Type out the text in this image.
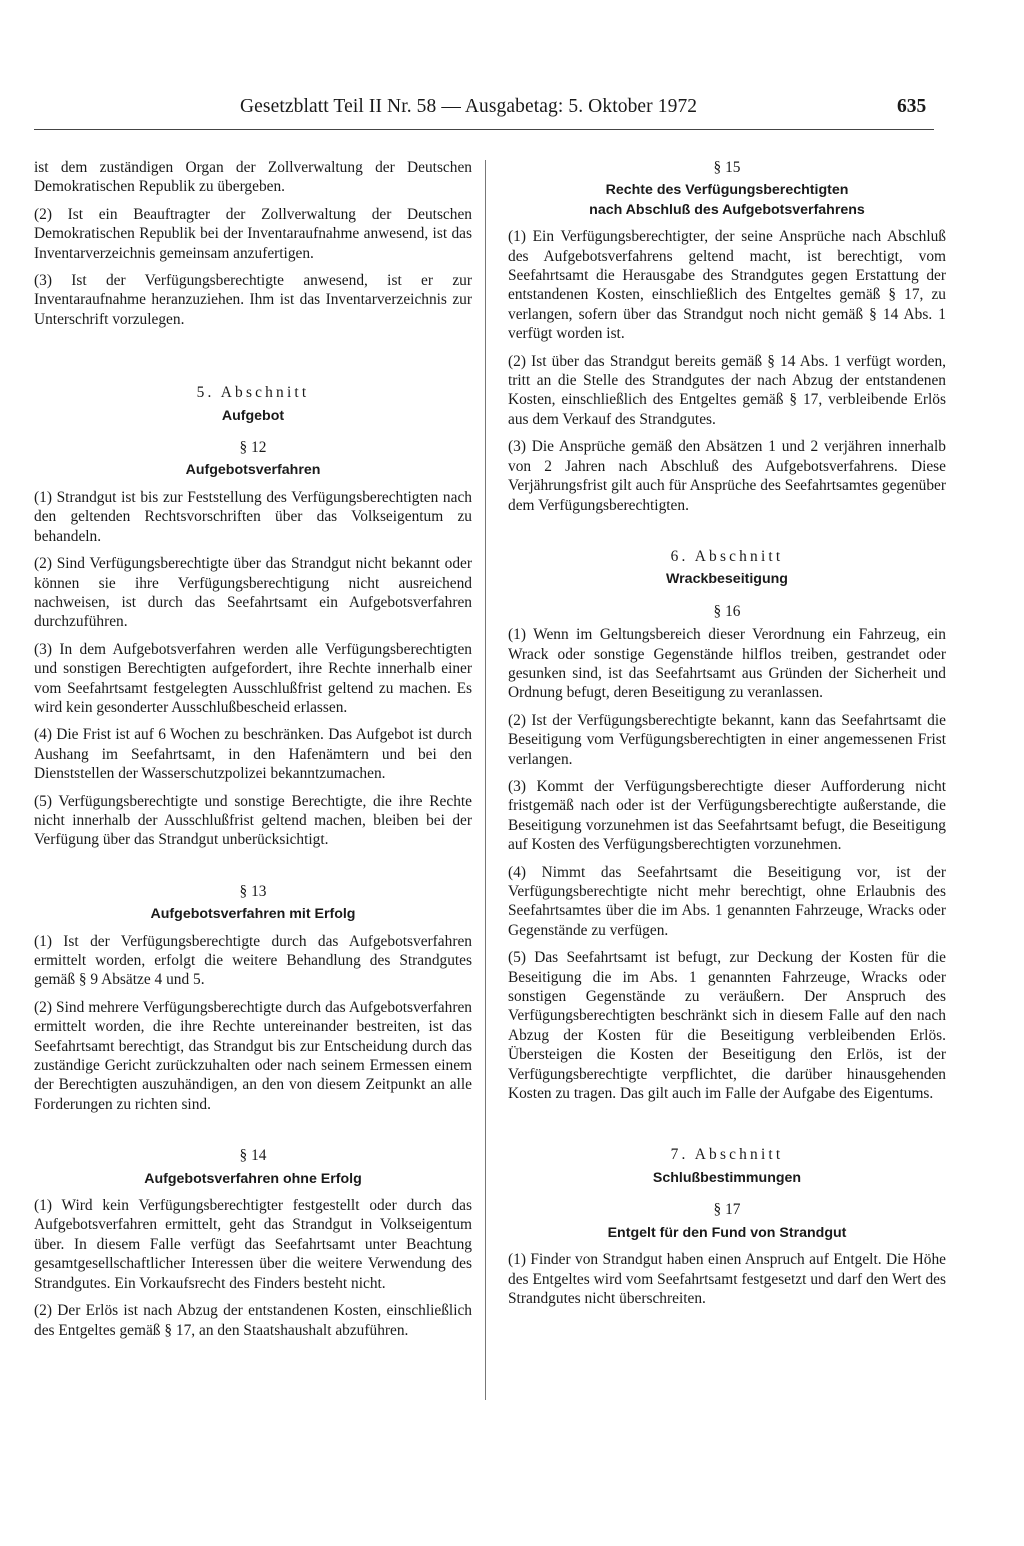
Gesetzblatt Teil II Nr. 58 — Ausgabetag: 5. Oktober 1972	635

ist dem zuständigen Organ der Zollverwaltung der Deutschen Demokratischen Republik zu übergeben.

(2) Ist ein Beauftragter der Zollverwaltung der Deutschen Demokratischen Republik bei der Inventaraufnahme anwesend, ist das Inventarverzeichnis gemeinsam anzufertigen.

(3) Ist der Verfügungsberechtigte anwesend, ist er zur Inventaraufnahme heranzuziehen. Ihm ist das Inventarverzeichnis zur Unterschrift vorzulegen.

5. Abschnitt
Aufgebot
§ 12
Aufgebotsverfahren

(1) Strandgut ist bis zur Feststellung des Verfügungsberechtigten nach den geltenden Rechtsvorschriften über das Volkseigentum zu behandeln.

(2) Sind Verfügungsberechtigte über das Strandgut nicht bekannt oder können sie ihre Verfügungsberechtigung nicht ausreichend nachweisen, ist durch das Seefahrtsamt ein Aufgebotsverfahren durchzuführen.

(3) In dem Aufgebotsverfahren werden alle Verfügungsberechtigten und sonstigen Berechtigten aufgefordert, ihre Rechte innerhalb einer vom Seefahrtsamt festgelegten Ausschlußfrist geltend zu machen. Es wird kein gesonderter Ausschlußbescheid erlassen.

(4) Die Frist ist auf 6 Wochen zu beschränken. Das Aufgebot ist durch Aushang im Seefahrtsamt, in den Hafenämtern und bei den Dienststellen der Wasserschutzpolizei bekanntzumachen.

(5) Verfügungsberechtigte und sonstige Berechtigte, die ihre Rechte nicht innerhalb der Ausschlußfrist geltend machen, bleiben bei der Verfügung über das Strandgut unberücksichtigt.

§ 13
Aufgebotsverfahren mit Erfolg

(1) Ist der Verfügungsberechtigte durch das Aufgebotsverfahren ermittelt worden, erfolgt die weitere Behandlung des Strandgutes gemäß § 9 Absätze 4 und 5.

(2) Sind mehrere Verfügungsberechtigte durch das Aufgebotsverfahren ermittelt worden, die ihre Rechte untereinander bestreiten, ist das Seefahrtsamt berechtigt, das Strandgut bis zur Entscheidung durch das zuständige Gericht zurückzuhalten oder nach seinem Ermessen einem der Berechtigten auszuhändigen, an den von diesem Zeitpunkt an alle Forderungen zu richten sind.

§ 14
Aufgebotsverfahren ohne Erfolg

(1) Wird kein Verfügungsberechtigter festgestellt oder durch das Aufgebotsverfahren ermittelt, geht das Strandgut in Volkseigentum über. In diesem Falle verfügt das Seefahrtsamt unter Beachtung gesamtgesellschaftlicher Interessen über die weitere Verwendung des Strandgutes. Ein Vorkaufsrecht des Finders besteht nicht.

(2) Der Erlös ist nach Abzug der entstandenen Kosten, einschließlich des Entgeltes gemäß § 17, an den Staatshaushalt abzuführen.

§ 15
Rechte des Verfügungsberechtigten
nach Abschluß des Aufgebotsverfahrens

(1) Ein Verfügungsberechtigter, der seine Ansprüche nach Abschluß des Aufgebotsverfahrens geltend macht, ist berechtigt, vom Seefahrtsamt die Herausgabe des Strandgutes gegen Erstattung der entstandenen Kosten, einschließlich des Entgeltes gemäß § 17, zu verlangen, sofern über das Strandgut noch nicht gemäß § 14 Abs. 1 verfügt worden ist.

(2) Ist über das Strandgut bereits gemäß § 14 Abs. 1 verfügt worden, tritt an die Stelle des Strandgutes der nach Abzug der entstandenen Kosten, einschließlich des Entgeltes gemäß § 17, verbleibende Erlös aus dem Verkauf des Strandgutes.

(3) Die Ansprüche gemäß den Absätzen 1 und 2 verjähren innerhalb von 2 Jahren nach Abschluß des Aufgebotsverfahrens. Diese Verjährungsfrist gilt auch für Ansprüche des Seefahrtsamtes gegenüber dem Verfügungsberechtigten.

6. Abschnitt
Wrackbeseitigung
§ 16

(1) Wenn im Geltungsbereich dieser Verordnung ein Fahrzeug, ein Wrack oder sonstige Gegenstände hilflos treiben, gestrandet oder gesunken sind, ist das Seefahrtsamt aus Gründen der Sicherheit und Ordnung befugt, deren Beseitigung zu veranlassen.

(2) Ist der Verfügungsberechtigte bekannt, kann das Seefahrtsamt die Beseitigung vom Verfügungsberechtigten in einer angemessenen Frist verlangen.

(3) Kommt der Verfügungsberechtigte dieser Aufforderung nicht fristgemäß nach oder ist der Verfügungsberechtigte außerstande, die Beseitigung vorzunehmen ist das Seefahrtsamt befugt, die Beseitigung auf Kosten des Verfügungsberechtigten vorzunehmen.

(4) Nimmt das Seefahrtsamt die Beseitigung vor, ist der Verfügungsberechtigte nicht mehr berechtigt, ohne Erlaubnis des Seefahrtsamtes über die im Abs. 1 genannten Fahrzeuge, Wracks oder Gegenstände zu verfügen.

(5) Das Seefahrtsamt ist befugt, zur Deckung der Kosten für die Beseitigung die im Abs. 1 genannten Fahrzeuge, Wracks oder sonstigen Gegenstände zu veräußern. Der Anspruch des Verfügungsberechtigten beschränkt sich in diesem Falle auf den nach Abzug der Kosten für die Beseitigung verbleibenden Erlös. Übersteigen die Kosten der Beseitigung den Erlös, ist der Verfügungsberechtigte verpflichtet, die darüber hinausgehenden Kosten zu tragen. Das gilt auch im Falle der Aufgabe des Eigentums.

7. Abschnitt
Schlußbestimmungen
§ 17
Entgelt für den Fund von Strandgut

(1) Finder von Strandgut haben einen Anspruch auf Entgelt. Die Höhe des Entgeltes wird vom Seefahrtsamt festgesetzt und darf den Wert des Strandgutes nicht überschreiten.
